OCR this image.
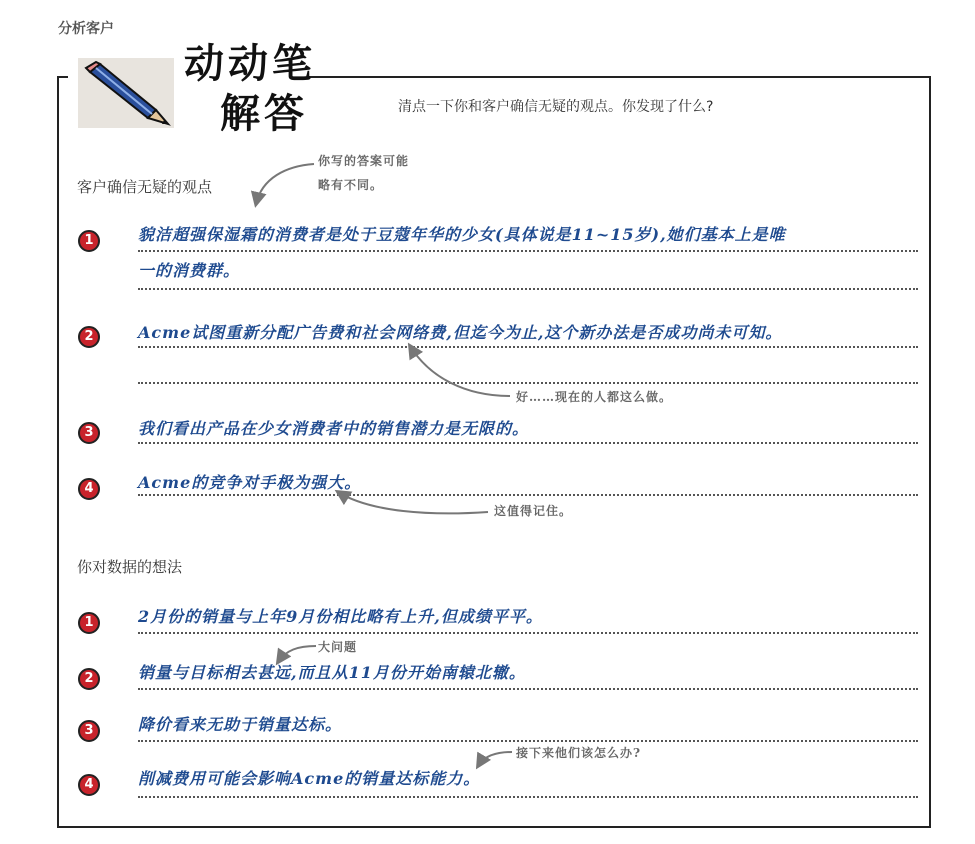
分析客户
动动笔
解答	清点一下你和客户确信无疑的观点。你发现了什么?
客户确信无疑的观点
你写的答案可能
略有不同。
1	貌洁超强保湿霜的消费者是处于豆蔻年华的少女(具体说是11~15岁),她们基本上是唯
一的消费群。
2	Acme试图重新分配广告费和社会网络费,但迄今为止,这个新办法是否成功尚未可知。
好……现在的人都这么做。
3	我们看出产品在少女消费者中的销售潜力是无限的。
4	Acme的竞争对手极为强大。
这值得记住。
你对数据的想法
1	2月份的销量与上年9月份相比略有上升,但成绩平平。
大问题
2	销量与目标相去甚远,而且从11月份开始南辕北辙。
3	降价看来无助于销量达标。
接下来他们该怎么办?
4	削减费用可能会影响Acme的销量达标能力。
